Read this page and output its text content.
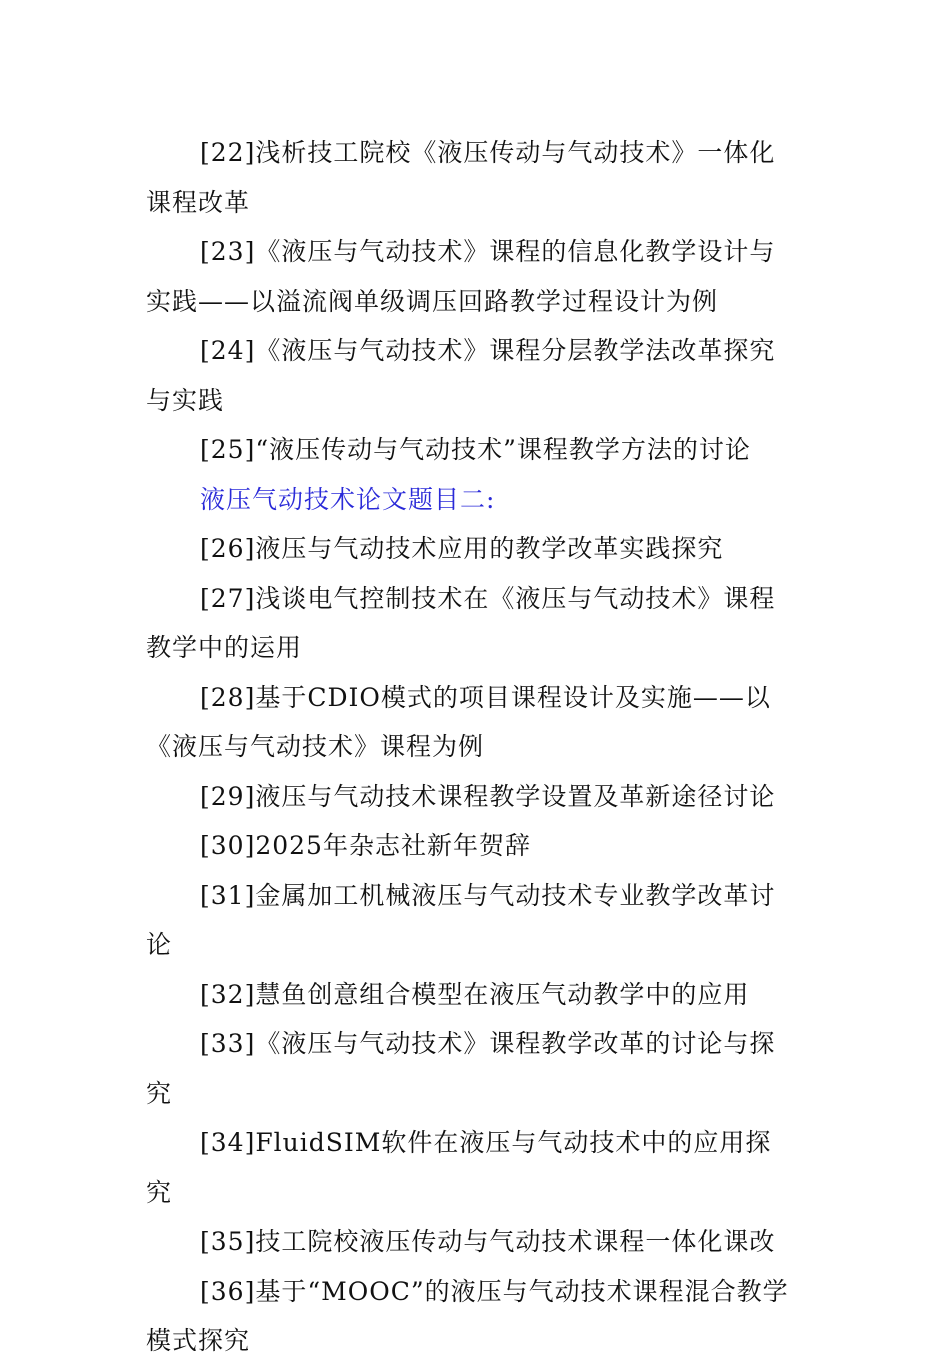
[22]浅析技工院校《液压传动与气动技术》一体化课程改革

[23]《液压与气动技术》课程的信息化教学设计与实践——以溢流阀单级调压回路教学过程设计为例

[24]《液压与气动技术》课程分层教学法改革探究与实践

[25]“液压传动与气动技术”课程教学方法的讨论

液压气动技术论文题目二:

[26]液压与气动技术应用的教学改革实践探究

[27]浅谈电气控制技术在《液压与气动技术》课程教学中的运用

[28]基于CDIO模式的项目课程设计及实施——以《液压与气动技术》课程为例

[29]液压与气动技术课程教学设置及革新途径讨论

[30]2025年杂志社新年贺辞

[31]金属加工机械液压与气动技术专业教学改革讨论

[32]慧鱼创意组合模型在液压气动教学中的应用

[33]《液压与气动技术》课程教学改革的讨论与探究

[34]FluidSIM软件在液压与气动技术中的应用探究

[35]技工院校液压传动与气动技术课程一体化课改

[36]基于“MOOC”的液压与气动技术课程混合教学模式探究
